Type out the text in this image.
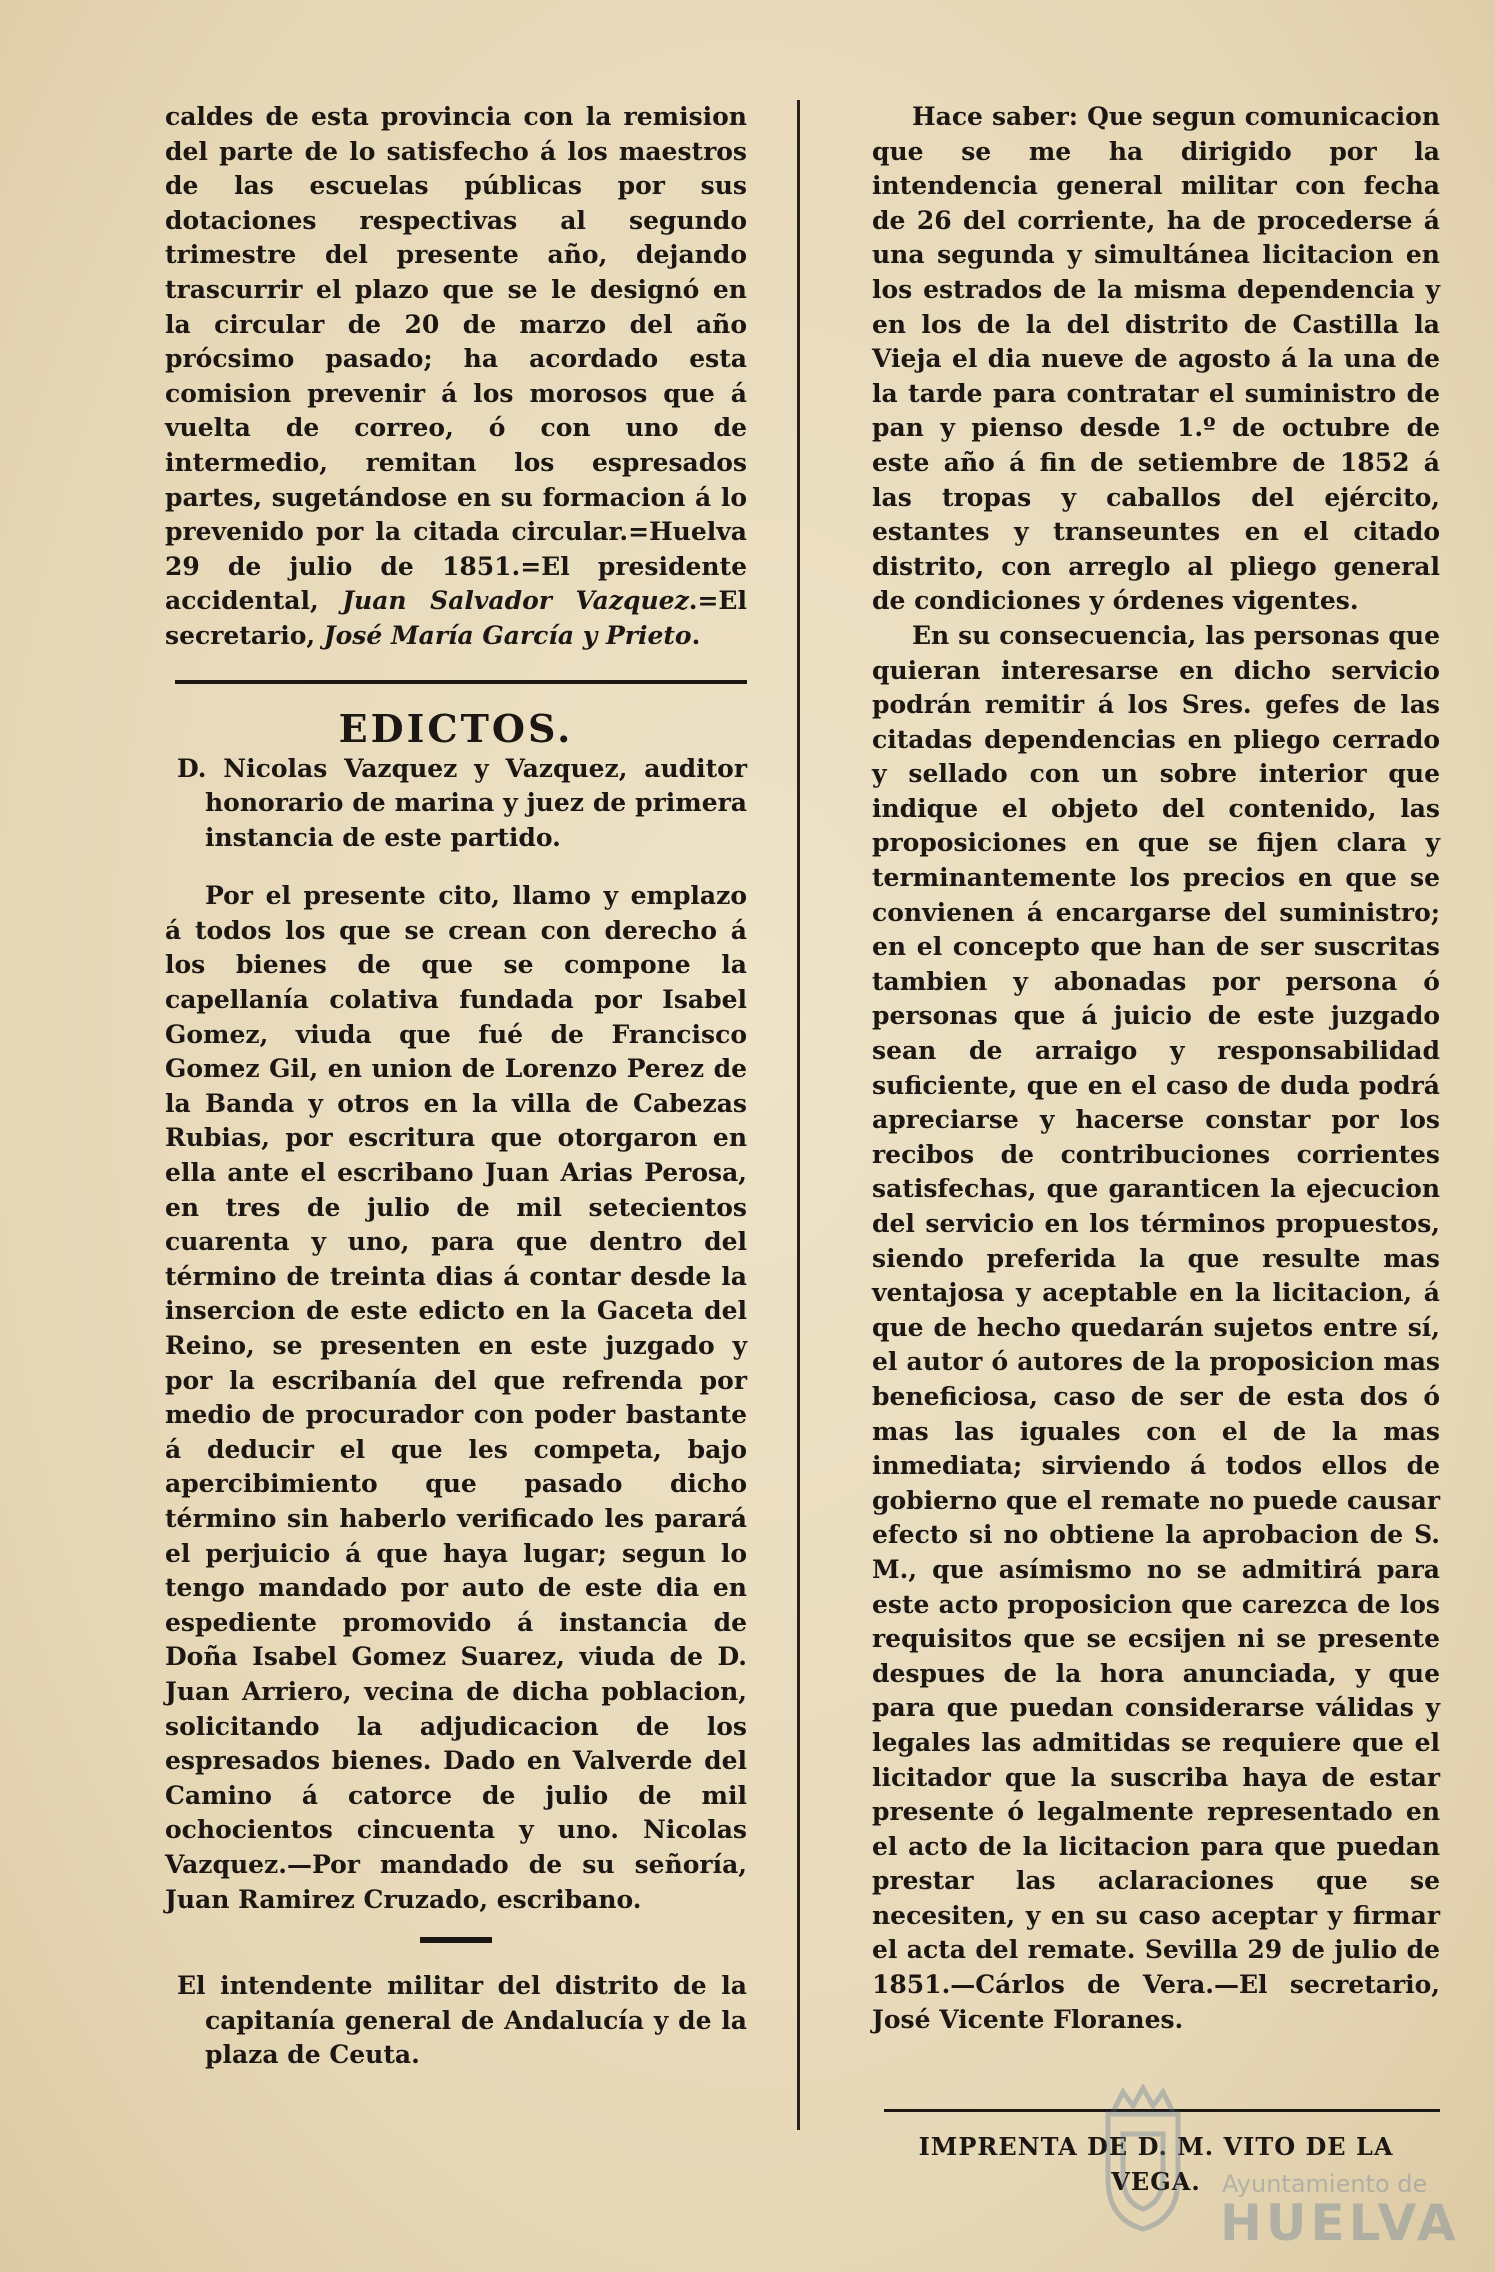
caldes de esta provincia con la remision del parte de lo satisfecho á los maestros de las escuelas públicas por sus dotaciones respectivas al segundo trimestre del presente año, dejando trascurrir el plazo que se le designó en la circular de 20 de marzo del año prócsimo pasado; ha acordado esta comision prevenir á los morosos que á vuelta de correo, ó con uno de intermedio, remitan los espresados partes, sugetándose en su formacion á lo prevenido por la citada circular.=Huelva 29 de julio de 1851.=El presidente accidental, Juan Salvador Vazquez.=El secretario, José María García y Prieto.

EDICTOS.

D. Nicolas Vazquez y Vazquez, auditor honorario de marina y juez de primera instancia de este partido.

Por el presente cito, llamo y emplazo á todos los que se crean con derecho á los bienes de que se compone la capellanía colativa fundada por Isabel Gomez, viuda que fué de Francisco Gomez Gil, en union de Lorenzo Perez de la Banda y otros en la villa de Cabezas Rubias, por escritura que otorgaron en ella ante el escribano Juan Arias Perosa, en tres de julio de mil setecientos cuarenta y uno, para que dentro del término de treinta dias á contar desde la insercion de este edicto en la Gaceta del Reino, se presenten en este juzgado y por la escribanía del que refrenda por medio de procurador con poder bastante á deducir el que les competa, bajo apercibimiento que pasado dicho término sin haberlo verificado les parará el perjuicio á que haya lugar; segun lo tengo mandado por auto de este dia en espediente promovido á instancia de Doña Isabel Gomez Suarez, viuda de D. Juan Arriero, vecina de dicha poblacion, solicitando la adjudicacion de los espresados bienes. Dado en Valverde del Camino á catorce de julio de mil ochocientos cincuenta y uno. Nicolas Vazquez.—Por mandado de su señoría, Juan Ramirez Cruzado, escribano.

El intendente militar del distrito de la capitanía general de Andalucía y de la plaza de Ceuta.

Hace saber: Que segun comunicacion que se me ha dirigido por la intendencia general militar con fecha de 26 del corriente, ha de procederse á una segunda y simultánea licitacion en los estrados de la misma dependencia y en los de la del distrito de Castilla la Vieja el dia nueve de agosto á la una de la tarde para contratar el suministro de pan y pienso desde 1.º de octubre de este año á fin de setiembre de 1852 á las tropas y caballos del ejército, estantes y transeuntes en el citado distrito, con arreglo al pliego general de condiciones y órdenes vigentes.

En su consecuencia, las personas que quieran interesarse en dicho servicio podrán remitir á los Sres. gefes de las citadas dependencias en pliego cerrado y sellado con un sobre interior que indique el objeto del contenido, las proposiciones en que se fijen clara y terminantemente los precios en que se convienen á encargarse del suministro; en el concepto que han de ser suscritas tambien y abonadas por persona ó personas que á juicio de este juzgado sean de arraigo y responsabilidad suficiente, que en el caso de duda podrá apreciarse y hacerse constar por los recibos de contribuciones corrientes satisfechas, que garanticen la ejecucion del servicio en los términos propuestos, siendo preferida la que resulte mas ventajosa y aceptable en la licitacion, á que de hecho quedarán sujetos entre sí, el autor ó autores de la proposicion mas beneficiosa, caso de ser de esta dos ó mas las iguales con el de la mas inmediata; sirviendo á todos ellos de gobierno que el remate no puede causar efecto si no obtiene la aprobacion de S. M., que asímismo no se admitirá para este acto proposicion que carezca de los requisitos que se ecsijen ni se presente despues de la hora anunciada, y que para que puedan considerarse válidas y legales las admitidas se requiere que el licitador que la suscriba haya de estar presente ó legalmente representado en el acto de la licitacion para que puedan prestar las aclaraciones que se necesiten, y en su caso aceptar y firmar el acta del remate. Sevilla 29 de julio de 1851.—Cárlos de Vera.—El secretario, José Vicente Floranes.

IMPRENTA DE D. M. VITO DE LA VEGA. Ayuntamiento de
HUELVA
